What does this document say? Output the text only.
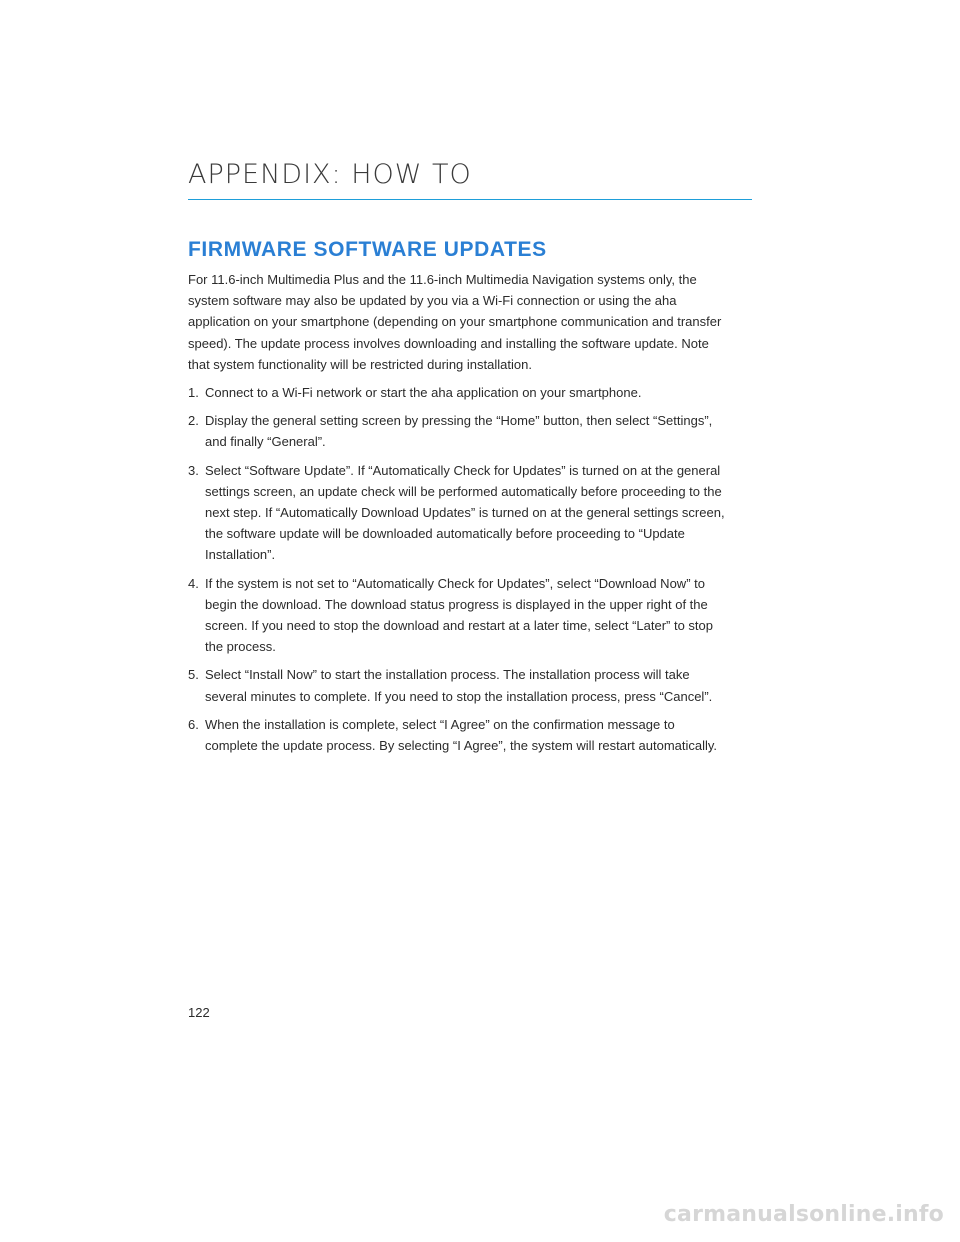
APPENDIX: HOW TO
FIRMWARE SOFTWARE UPDATES

For 11.6-inch Multimedia Plus and the 11.6-inch Multimedia Navigation systems only, the system software may also be updated by you via a Wi-Fi connection or using the aha application on your smartphone (depending on your smartphone communication and transfer speed). The update process involves downloading and installing the software update. Note that system functionality will be restricted during installation.

1. Connect to a Wi-Fi network or start the aha application on your smartphone.
2. Display the general setting screen by pressing the “Home” button, then select “Settings”, and finally “General”.
3. Select “Software Update”. If “Automatically Check for Updates” is turned on at the general settings screen, an update check will be performed automatically before proceeding to the next step. If “Automatically Download Updates” is turned on at the general settings screen, the software update will be downloaded automatically before proceeding to “Update Installation”.
4. If the system is not set to “Automatically Check for Updates”, select “Download Now” to begin the download. The download status progress is displayed in the upper right of the screen. If you need to stop the download and restart at a later time, select “Later” to stop the process.
5. Select “Install Now” to start the installation process. The installation process will take several minutes to complete. If you need to stop the installation process, press “Cancel”.
6. When the installation is complete, select “I Agree” on the confirmation message to complete the update process. By selecting “I Agree”, the system will restart automatically.
122
carmanualsonline.info
